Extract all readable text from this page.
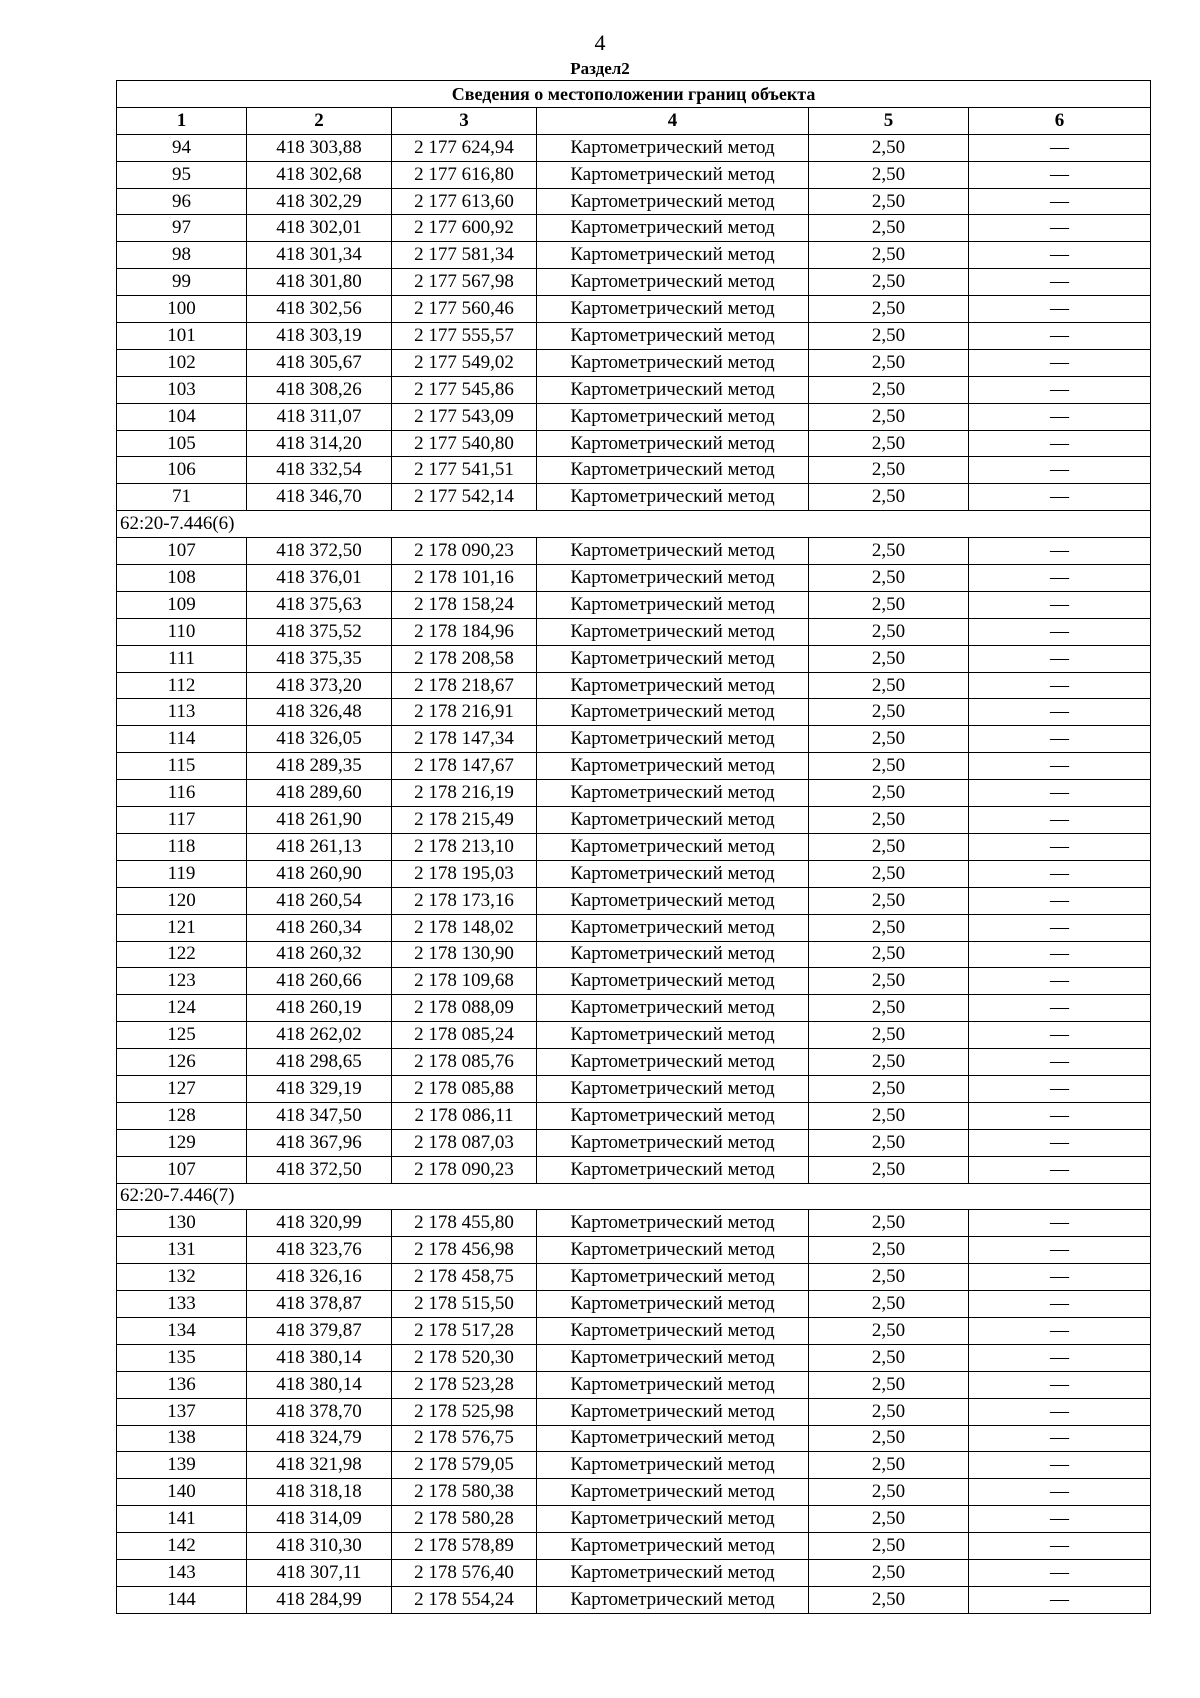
4
Раздел2
Сведения о местоположении границ объекта					
1	2	3	4	5	6
94	418 303,88	2 177 624,94	Картометрический метод	2,50	—
95	418 302,68	2 177 616,80	Картометрический метод	2,50	—
96	418 302,29	2 177 613,60	Картометрический метод	2,50	—
97	418 302,01	2 177 600,92	Картометрический метод	2,50	—
98	418 301,34	2 177 581,34	Картометрический метод	2,50	—
99	418 301,80	2 177 567,98	Картометрический метод	2,50	—
100	418 302,56	2 177 560,46	Картометрический метод	2,50	—
101	418 303,19	2 177 555,57	Картометрический метод	2,50	—
102	418 305,67	2 177 549,02	Картометрический метод	2,50	—
103	418 308,26	2 177 545,86	Картометрический метод	2,50	—
104	418 311,07	2 177 543,09	Картометрический метод	2,50	—
105	418 314,20	2 177 540,80	Картометрический метод	2,50	—
106	418 332,54	2 177 541,51	Картометрический метод	2,50	—
71	418 346,70	2 177 542,14	Картометрический метод	2,50	—
62:20-7.446(6)					
107	418 372,50	2 178 090,23	Картометрический метод	2,50	—
108	418 376,01	2 178 101,16	Картометрический метод	2,50	—
109	418 375,63	2 178 158,24	Картометрический метод	2,50	—
110	418 375,52	2 178 184,96	Картометрический метод	2,50	—
111	418 375,35	2 178 208,58	Картометрический метод	2,50	—
112	418 373,20	2 178 218,67	Картометрический метод	2,50	—
113	418 326,48	2 178 216,91	Картометрический метод	2,50	—
114	418 326,05	2 178 147,34	Картометрический метод	2,50	—
115	418 289,35	2 178 147,67	Картометрический метод	2,50	—
116	418 289,60	2 178 216,19	Картометрический метод	2,50	—
117	418 261,90	2 178 215,49	Картометрический метод	2,50	—
118	418 261,13	2 178 213,10	Картометрический метод	2,50	—
119	418 260,90	2 178 195,03	Картометрический метод	2,50	—
120	418 260,54	2 178 173,16	Картометрический метод	2,50	—
121	418 260,34	2 178 148,02	Картометрический метод	2,50	—
122	418 260,32	2 178 130,90	Картометрический метод	2,50	—
123	418 260,66	2 178 109,68	Картометрический метод	2,50	—
124	418 260,19	2 178 088,09	Картометрический метод	2,50	—
125	418 262,02	2 178 085,24	Картометрический метод	2,50	—
126	418 298,65	2 178 085,76	Картометрический метод	2,50	—
127	418 329,19	2 178 085,88	Картометрический метод	2,50	—
128	418 347,50	2 178 086,11	Картометрический метод	2,50	—
129	418 367,96	2 178 087,03	Картометрический метод	2,50	—
107	418 372,50	2 178 090,23	Картометрический метод	2,50	—
62:20-7.446(7)					
130	418 320,99	2 178 455,80	Картометрический метод	2,50	—
131	418 323,76	2 178 456,98	Картометрический метод	2,50	—
132	418 326,16	2 178 458,75	Картометрический метод	2,50	—
133	418 378,87	2 178 515,50	Картометрический метод	2,50	—
134	418 379,87	2 178 517,28	Картометрический метод	2,50	—
135	418 380,14	2 178 520,30	Картометрический метод	2,50	—
136	418 380,14	2 178 523,28	Картометрический метод	2,50	—
137	418 378,70	2 178 525,98	Картометрический метод	2,50	—
138	418 324,79	2 178 576,75	Картометрический метод	2,50	—
139	418 321,98	2 178 579,05	Картометрический метод	2,50	—
140	418 318,18	2 178 580,38	Картометрический метод	2,50	—
141	418 314,09	2 178 580,28	Картометрический метод	2,50	—
142	418 310,30	2 178 578,89	Картометрический метод	2,50	—
143	418 307,11	2 178 576,40	Картометрический метод	2,50	—
144	418 284,99	2 178 554,24	Картометрический метод	2,50	—
